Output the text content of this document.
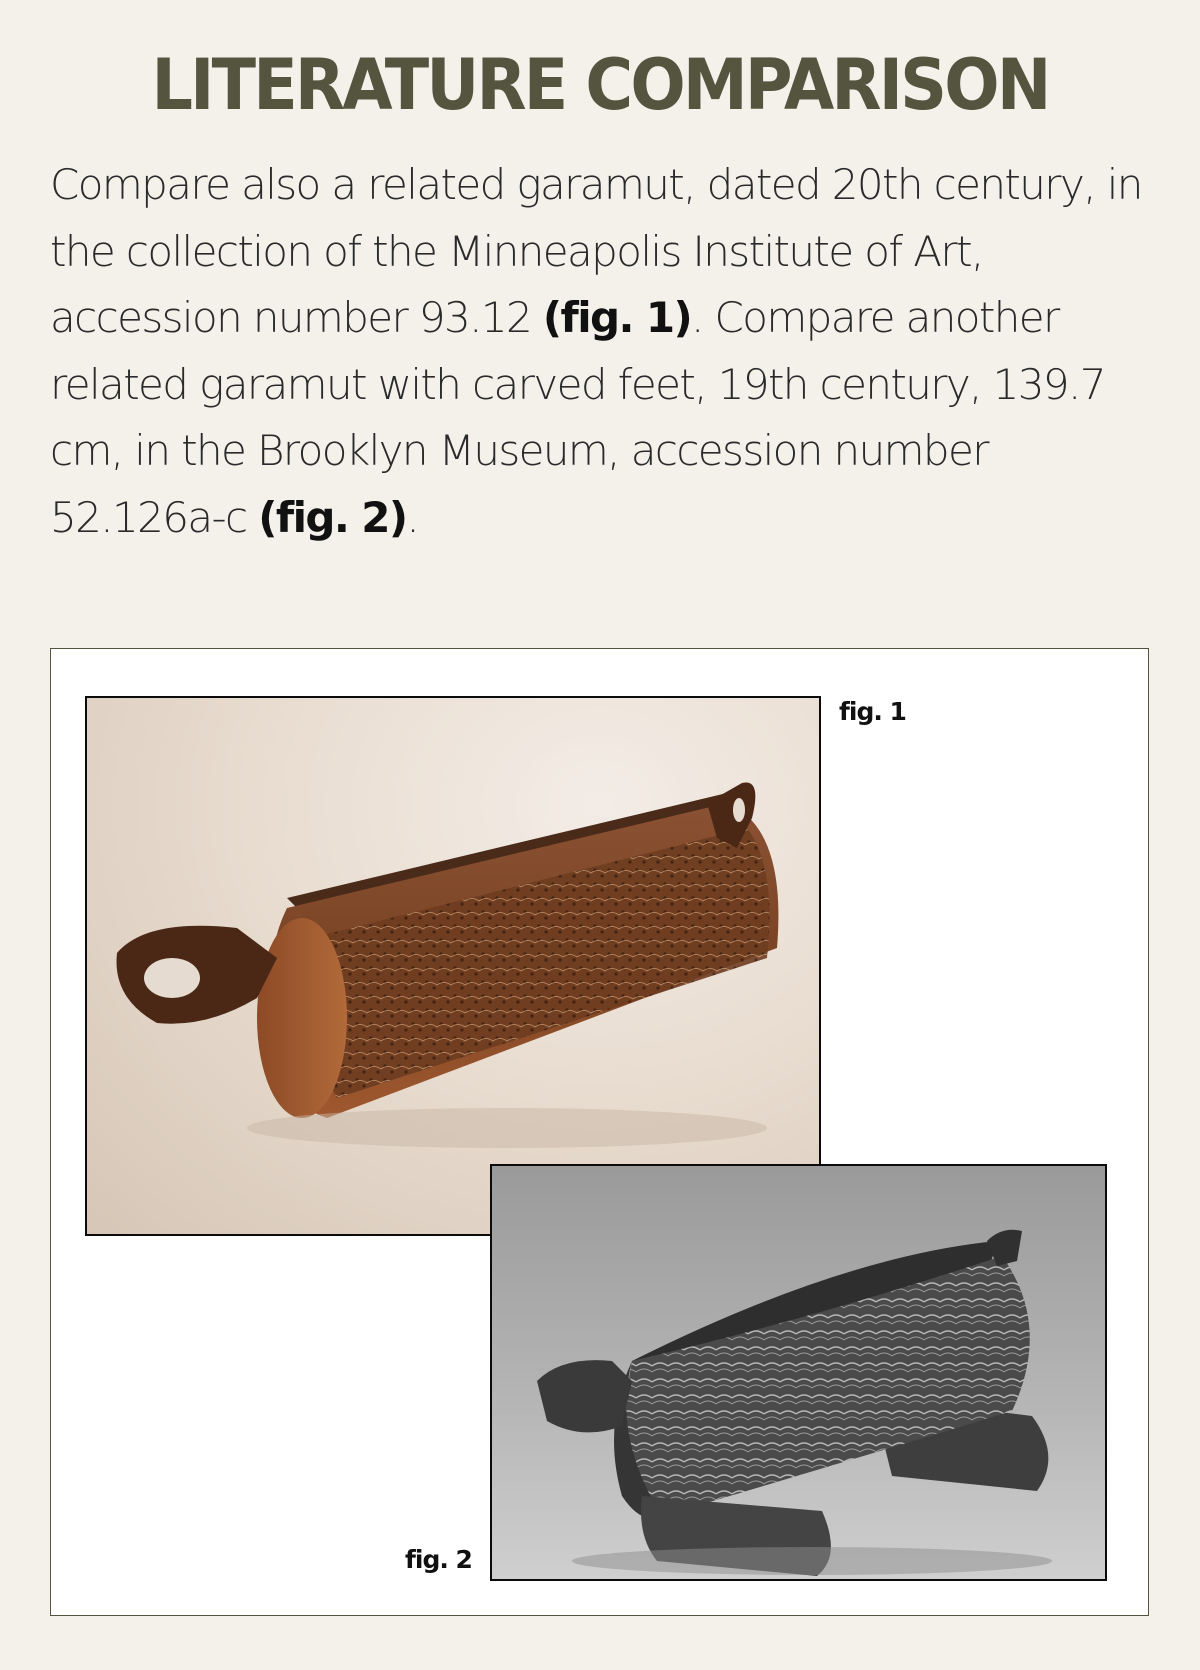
LITERATURE COMPARISON

Compare also a related garamut, dated 20th century, in the collection of the Minneapolis Institute of Art, accession number 93.12 (fig. 1). Compare another related garamut with carved feet, 19th century, 139.7 cm, in the Brooklyn Museum, accession number 52.126a-c (fig. 2).

fig. 1
fig. 2
